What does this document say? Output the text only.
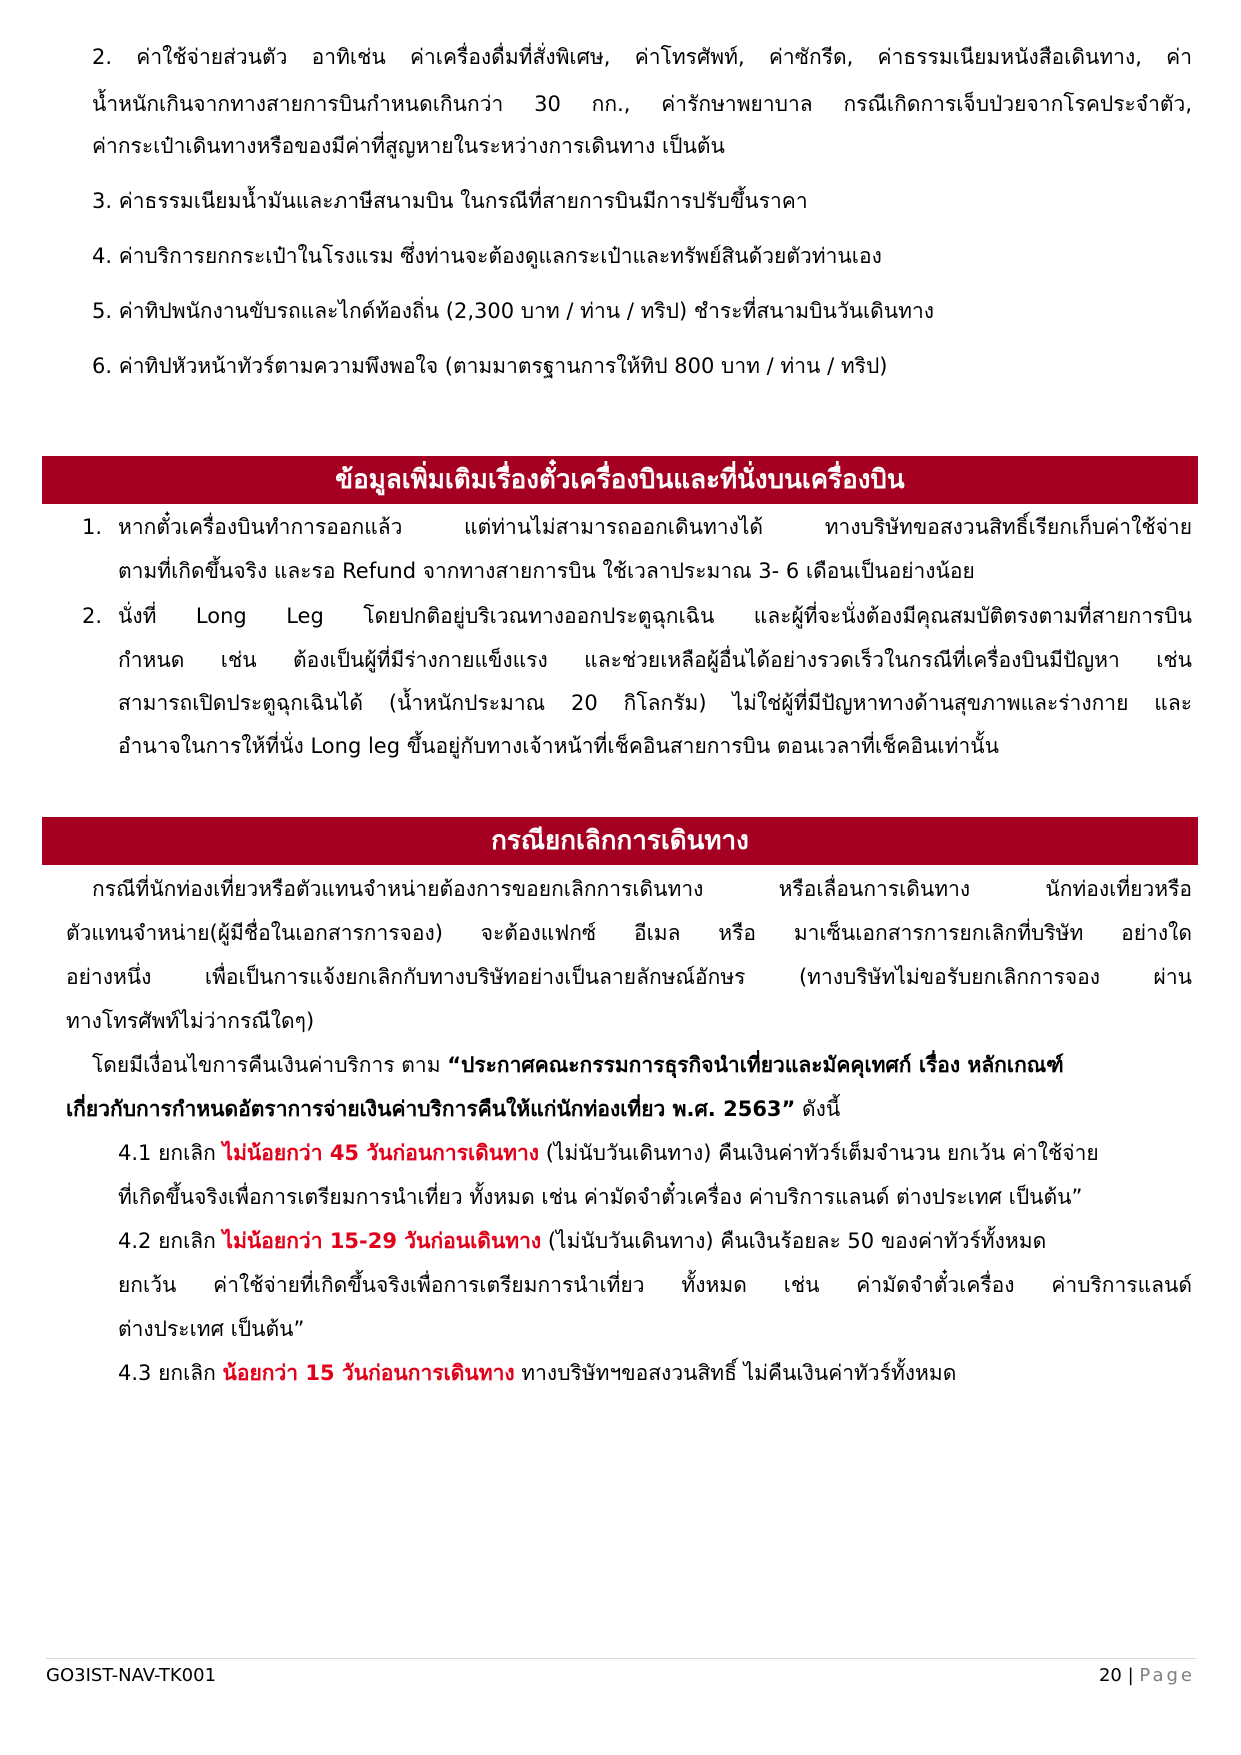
2. ค่าใช้จ่ายส่วนตัว อาทิเช่น ค่าเครื่องดื่มที่สั่งพิเศษ, ค่าโทรศัพท์, ค่าซักรีด, ค่าธรรมเนียมหนังสือเดินทาง, ค่า
น้ำหนักเกินจากทางสายการบินกำหนดเกินกว่า 30 กก., ค่ารักษาพยาบาล กรณีเกิดการเจ็บป่วยจากโรคประจำตัว,
ค่ากระเป๋าเดินทางหรือของมีค่าที่สูญหายในระหว่างการเดินทาง เป็นต้น
3. ค่าธรรมเนียมน้ำมันและภาษีสนามบิน ในกรณีที่สายการบินมีการปรับขึ้นราคา
4. ค่าบริการยกกระเป๋าในโรงแรม ซึ่งท่านจะต้องดูแลกระเป๋าและทรัพย์สินด้วยตัวท่านเอง
5. ค่าทิปพนักงานขับรถและไกด์ท้องถิ่น (2,300 บาท / ท่าน / ทริป) ชำระที่สนามบินวันเดินทาง
6. ค่าทิปหัวหน้าทัวร์ตามความพึงพอใจ (ตามมาตรฐานการให้ทิป 800 บาท / ท่าน / ทริป)
ข้อมูลเพิ่มเติมเรื่องตั๋วเครื่องบินและที่นั่งบนเครื่องบิน
1. หากตั๋วเครื่องบินทำการออกแล้ว แต่ท่านไม่สามารถออกเดินทางได้ ทางบริษัทขอสงวนสิทธิ์เรียกเก็บค่าใช้จ่าย
ตามที่เกิดขึ้นจริง และรอ Refund จากทางสายการบิน ใช้เวลาประมาณ 3- 6 เดือนเป็นอย่างน้อย
2. นั่งที่ Long Leg โดยปกติอยู่บริเวณทางออกประตูฉุกเฉิน และผู้ที่จะนั่งต้องมีคุณสมบัติตรงตามที่สายการบิน
กำหนด เช่น ต้องเป็นผู้ที่มีร่างกายแข็งแรง และช่วยเหลือผู้อื่นได้อย่างรวดเร็วในกรณีที่เครื่องบินมีปัญหา เช่น
สามารถเปิดประตูฉุกเฉินได้ (น้ำหนักประมาณ 20 กิโลกรัม) ไม่ใช่ผู้ที่มีปัญหาทางด้านสุขภาพและร่างกาย และ
อำนาจในการให้ที่นั่ง Long leg ขึ้นอยู่กับทางเจ้าหน้าที่เช็คอินสายการบิน ตอนเวลาที่เช็คอินเท่านั้น
กรณียกเลิกการเดินทาง
กรณีที่นักท่องเที่ยวหรือตัวแทนจำหน่ายต้องการขอยกเลิกการเดินทาง หรือเลื่อนการเดินทาง นักท่องเที่ยวหรือ
ตัวแทนจำหน่าย(ผู้มีชื่อในเอกสารการจอง) จะต้องแฟกซ์ อีเมล หรือ มาเซ็นเอกสารการยกเลิกที่บริษัท อย่างใด
อย่างหนึ่ง เพื่อเป็นการแจ้งยกเลิกกับทางบริษัทอย่างเป็นลายลักษณ์อักษร (ทางบริษัทไม่ขอรับยกเลิกการจอง ผ่าน
ทางโทรศัพท์ไม่ว่ากรณีใดๆ)
โดยมีเงื่อนไขการคืนเงินค่าบริการ ตาม “ประกาศคณะกรรมการธุรกิจนำเที่ยวและมัคคุเทศก์ เรื่อง หลักเกณฑ์
เกี่ยวกับการกำหนดอัตราการจ่ายเงินค่าบริการคืนให้แก่นักท่องเที่ยว พ.ศ. 2563” ดังนี้
4.1 ยกเลิก ไม่น้อยกว่า 45 วันก่อนการเดินทาง (ไม่นับวันเดินทาง) คืนเงินค่าทัวร์เต็มจำนวน ยกเว้น ค่าใช้จ่าย
ที่เกิดขึ้นจริงเพื่อการเตรียมการนำเที่ยว ทั้งหมด เช่น ค่ามัดจำตั๋วเครื่อง ค่าบริการแลนด์ ต่างประเทศ เป็นต้น”
4.2 ยกเลิก ไม่น้อยกว่า 15-29 วันก่อนเดินทาง (ไม่นับวันเดินทาง) คืนเงินร้อยละ 50 ของค่าทัวร์ทั้งหมด
ยกเว้น ค่าใช้จ่ายที่เกิดขึ้นจริงเพื่อการเตรียมการนำเที่ยว ทั้งหมด เช่น ค่ามัดจำตั๋วเครื่อง ค่าบริการแลนด์
ต่างประเทศ เป็นต้น”
4.3 ยกเลิก น้อยกว่า 15 วันก่อนการเดินทาง ทางบริษัทฯขอสงวนสิทธิ์ ไม่คืนเงินค่าทัวร์ทั้งหมด
GO3IST-NAV-TK001	20 | Page
